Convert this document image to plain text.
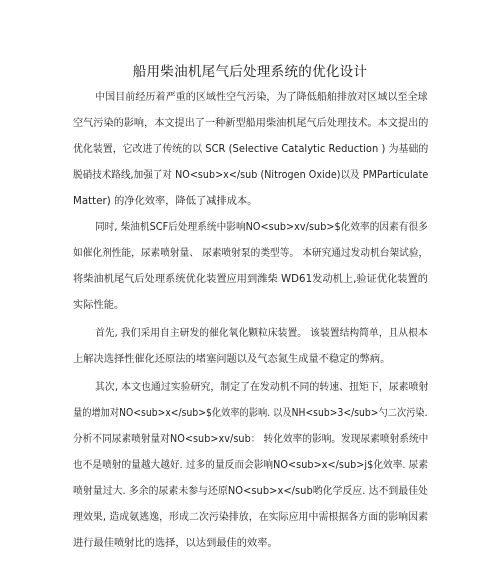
船用柴油机尾气后处理系统的优化设计
中国目前经历着严重的区域性空气污染，为了降低船舶排放对区域以至全球
空气污染的影响，本文提出了一种新型船用柴油机尾气后处理技术。本文提出的
优化装置，它改进了传统的以 SCR (Selective Catalytic Reduction ) 为基础的
脱硝技术路线,加强了对 NO<sub>x</sub (Nitrogen Oxide)以及 PMParticulate
Matter) 的净化效率，降低了减排成本。
同时, 柴油机SCF后处理系统中影响NO<sub>xv/sub>$化效率的因素有很多
如催化剂性能，尿素喷射量、 尿素喷射泵的类型等。 本研究通过发动机台架试验，
将柴油机尾气后处理系统优化装置应用到潍柴 WD61发动机上,验证优化装置的
实际性能。
首先, 我们采用自主研发的催化氧化颗粒床装置。 该装置结构简单，且从根本
上解决选择性催化还原法的堵塞问题以及气态氮生成量不稳定的弊病。
其次, 本文也通过实验研究，制定了在发动机不同的转速、扭矩下，尿素喷射
量的增加对NO<sub>x</sub>$化效率的影响. 以及NH<sub>3</sub>勺二次污染.
分析不同尿素喷射量对NO<sub>xv/sub： 转化效率的影响。发现尿素喷射系统中
也不是喷射的量越大越好. 过多的量反而会影响NO<sub>x</sub>j$化效率. 尿素
喷射量过大. 多余的尿素未参与还原NO<sub>x</sub哟化学反应. 达不到最佳处
理效果, 造成氨逃逸，形成二次污染排放，在实际应用中需根据各方面的影响因素
进行最佳喷射比的选择，以达到最佳的效率。
